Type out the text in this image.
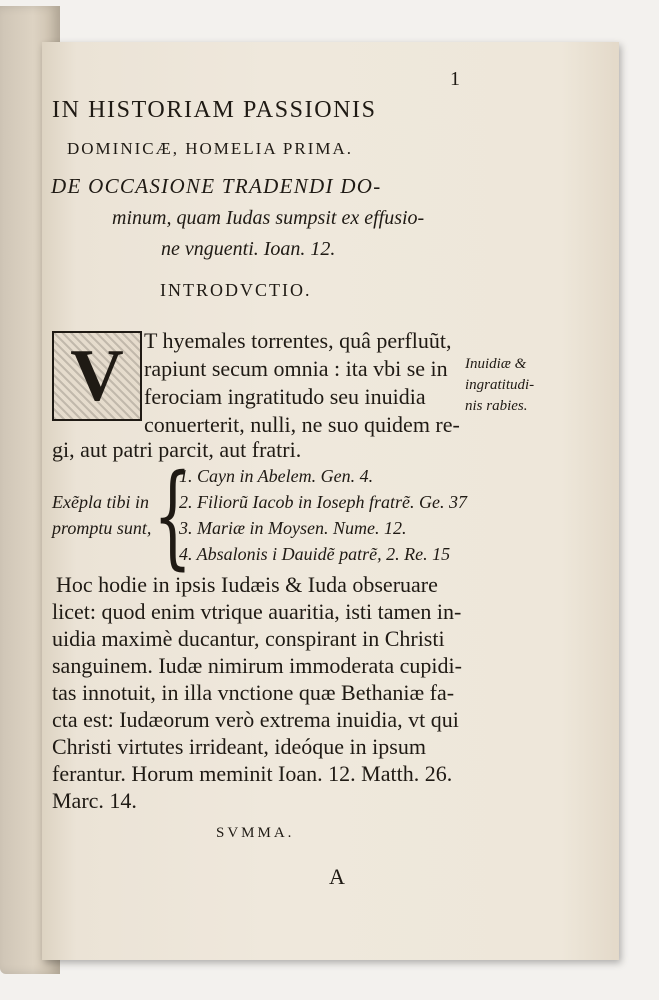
1
IN HISTORIAM PASSIONIS
DOMINICÆ, HOMELIA PRIMA.
DE OCCASIONE TRADENDI DO-
minum, quam Iudas sumpsit ex effusio-
ne vnguenti. Ioan. 12.
INTRODVCTIO.
V T hyemales torrentes, quâ perfluũt,
rapiunt secum omnia : ita vbi se in
ferociam ingratitudo seu inuidia
conuerterit, nulli, ne suo quidem re-
gi, aut patri parcit, aut fratri.
Inuidiæ &
ingratitudi-
nis rabies.
Exẽpla tibi in
promptu sunt, {
1. Cayn in Abelem. Gen. 4.
2. Filiorũ Iacob in Ioseph fratrẽ. Ge. 37
3. Mariæ in Moysen. Nume. 12.
4. Absalonis i Dauidẽ patrẽ, 2. Re. 15
Hoc hodie in ipsis Iudæis & Iuda obseruare
licet: quod enim vtrique auaritia, isti tamen in-
uidia maximè ducantur, conspirant in Christi
sanguinem. Iudæ nimirum immoderata cupidi-
tas innotuit, in illa vnctione quæ Bethaniæ fa-
cta est: Iudæorum verò extrema inuidia, vt qui
Christi virtutes irrideant, ideóque in ipsum
ferantur. Horum meminit Ioan. 12. Matth. 26.
Marc. 14.
SVMMA.
A
